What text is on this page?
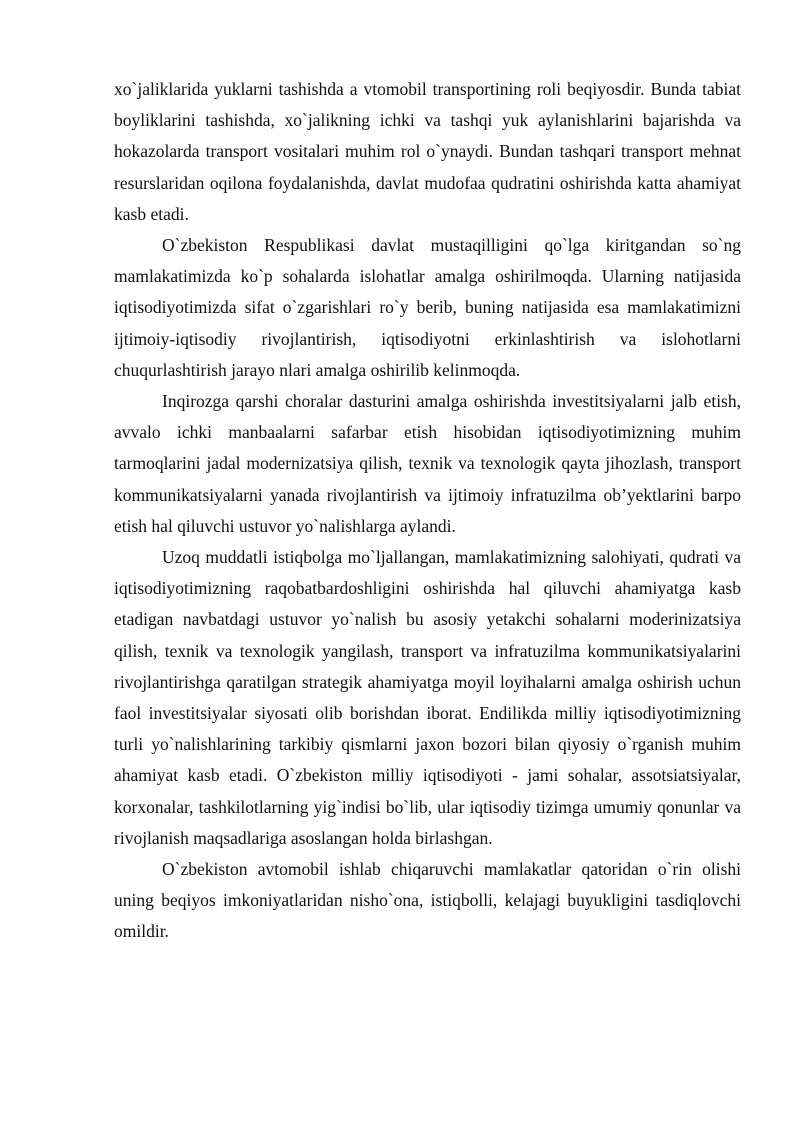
xo`jaliklarida yuklarni tashishda a vtomobil transportining roli beqiyosdir. Bunda tabiat boyliklarini tashishda, xo`jalikning ichki va tashqi yuk aylanishlarini bajarishda va hokazolarda transport vositalari muhim rol o`ynaydi. Bundan tashqari transport mehnat resurslaridan oqilona foydalanishda, davlat mudofaa qudratini oshirishda katta ahamiyat kasb etadi.

O`zbekiston Respublikasi davlat mustaqilligini qo`lga kiritgandan so`ng mamlakatimizda ko`p sohalarda islohatlar amalga oshirilmoqda. Ularning natijasida iqtisodiyotimizda sifat o`zgarishlari ro`y berib, buning natijasida esa mamlakatimizni ijtimoiy-iqtisodiy rivojlantirish, iqtisodiyotni erkinlashtirish va islohotlarni chuqurlashtirish jarayo nlari amalga oshirilib kelinmoqda.

Inqirozga qarshi choralar dasturini amalga oshirishda investitsiyalarni jalb etish, avvalo ichki manbaalarni safarbar etish hisobidan iqtisodiyotimizning muhim tarmoqlarini jadal modernizatsiya qilish, texnik va texnologik qayta jihozlash, transport kommunikatsiyalarni yanada rivojlantirish va ijtimoiy infratuzilma ob’yektlarini barpo etish hal qiluvchi ustuvor yo`nalishlarga aylandi.

Uzoq muddatli istiqbolga mo`ljallangan, mamlakatimizning salohiyati, qudrati va iqtisodiyotimizning raqobatbardoshligini oshirishda hal qiluvchi ahamiyatga kasb etadigan navbatdagi ustuvor yo`nalish bu asosiy yetakchi sohalarni moderinizatsiya qilish, texnik va texnologik yangilash, transport va infratuzilma kommunikatsiyalarini rivojlantirishga qaratilgan strategik ahamiyatga moyil loyihalarni amalga oshirish uchun faol investitsiyalar siyosati olib borishdan iborat. Endilikda milliy iqtisodiyotimizning turli yo`nalishlarining tarkibiy qismlarni jaxon bozori bilan qiyosiy o`rganish muhim ahamiyat kasb etadi. O`zbekiston milliy iqtisodiyoti - jami sohalar, assotsiatsiyalar, korxonalar, tashkilotlarning yig`indisi bo`lib, ular iqtisodiy tizimga umumiy qonunlar va rivojlanish maqsadlariga asoslangan holda birlashgan.

O`zbekiston avtomobil ishlab chiqaruvchi mamlakatlar qatoridan o`rin olishi uning beqiyos imkoniyatlaridan nisho`ona, istiqbolli, kelajagi buyukligini tasdiqlovchi omildir.
